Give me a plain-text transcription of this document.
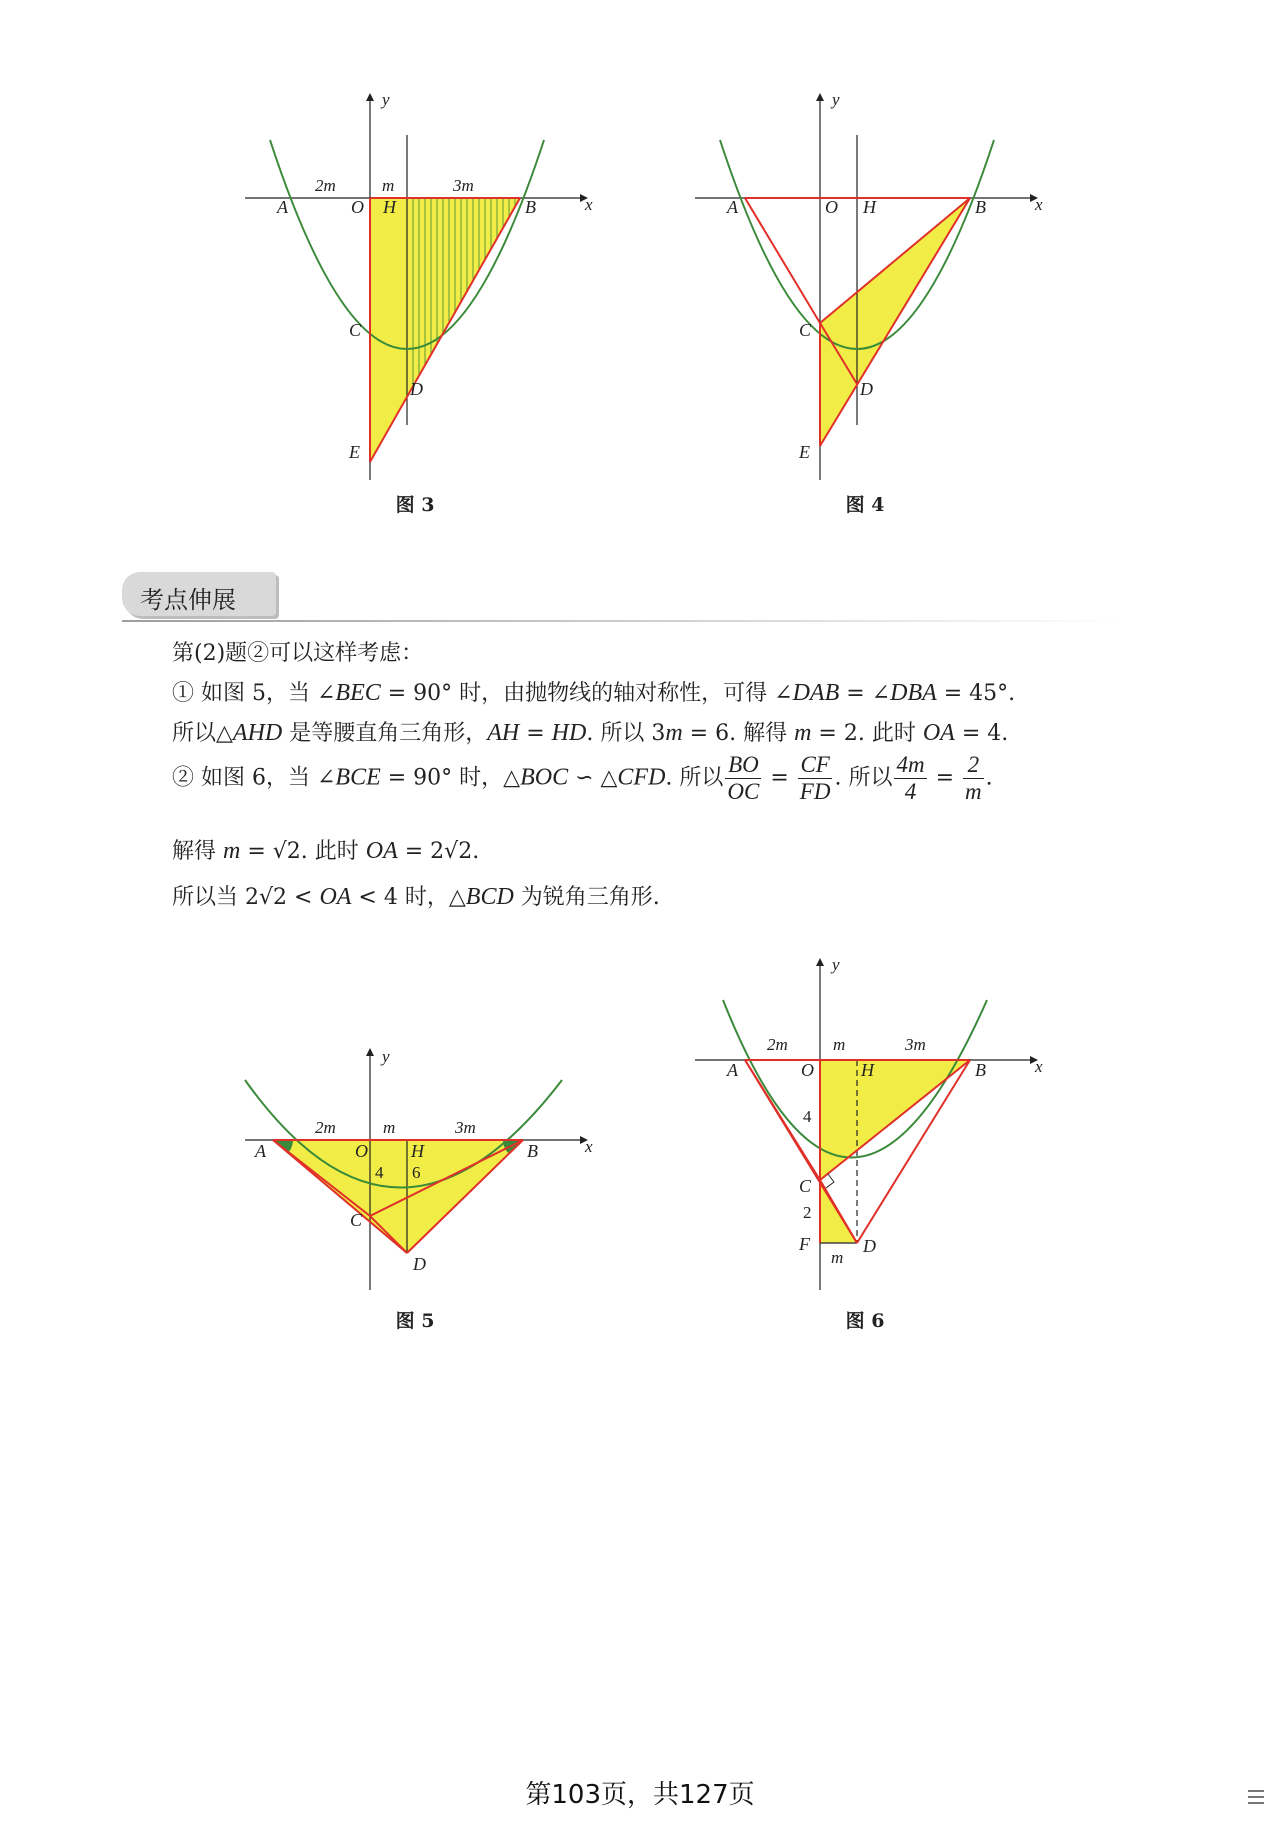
y
x
A	O H	B
C
D
E
2m	m	3m
图 3
y
x
A	O H	B
C
D
E
图 4
考点伸展
第(2)题②可以这样考虑：
① 如图 5，当 ∠BEC = 90° 时，由抛物线的轴对称性，可得 ∠DAB = ∠DBA = 45°.
所以△AHD 是等腰直角三角形，AH = HD. 所以 3m = 6. 解得 m = 2. 此时 OA = 4.
② 如图 6，当 ∠BCE = 90° 时，△BOC ∽ △CFD. 所以 $\frac{BO}{OC} = \frac{CF}{FD}$ . 所以 $\frac{4m}{4} = \frac{2}{m}$ .
解得 m = √2. 此时 OA = 2√2.
所以当 2√2 < OA < 4 时，△BCD 为锐角三角形.
y
x
A	O H	B
C
D
2m	m	3m
4 6
图 5
y
x
A	O	H	B
C
D
F
2m	m	3m
4
2
m
图 6
第103页，共127页
